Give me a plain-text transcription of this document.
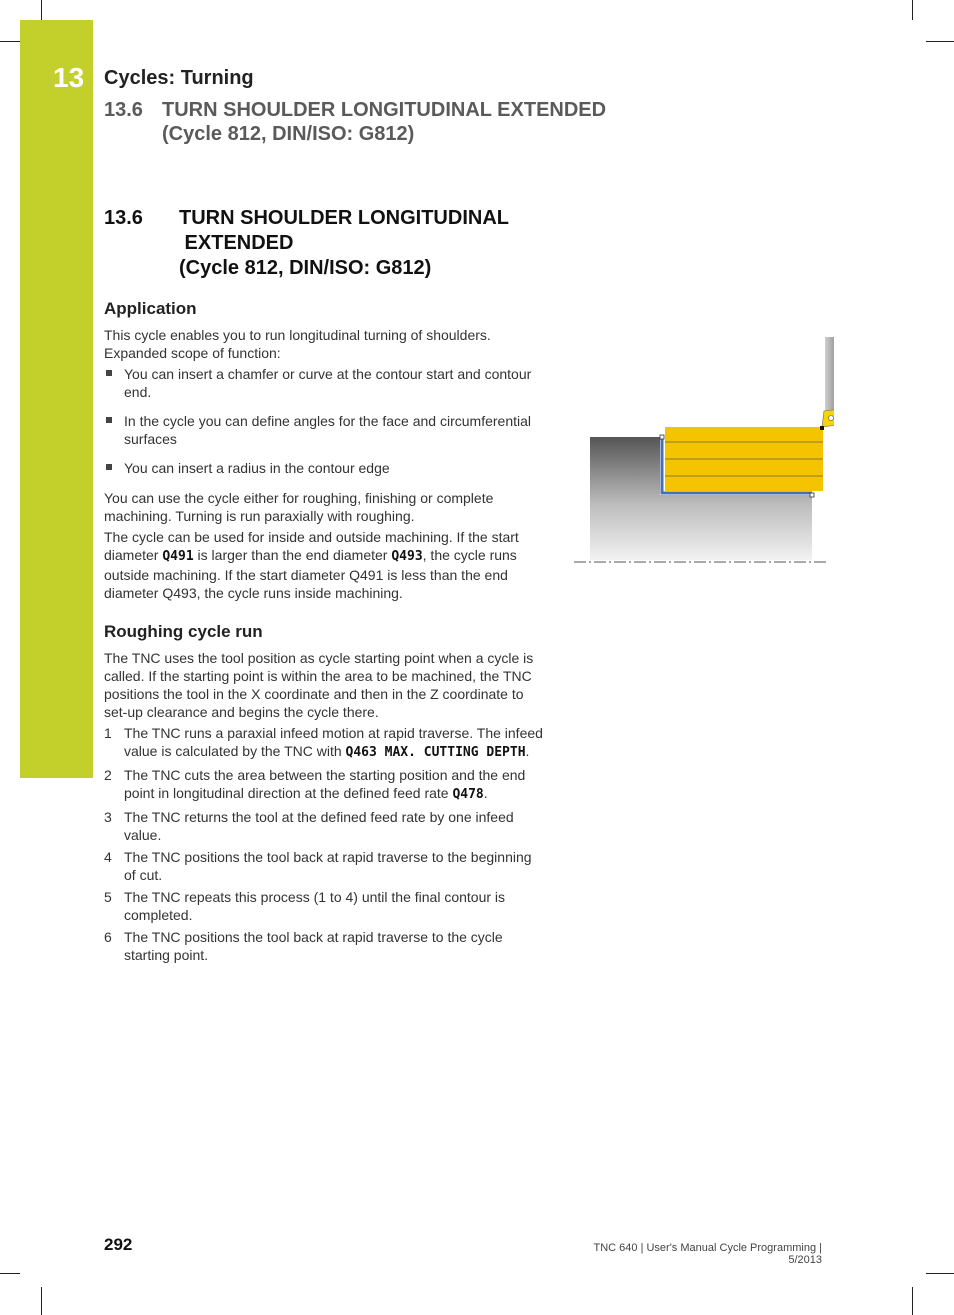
13 Cycles: Turning
13.6 TURN SHOULDER LONGITUDINAL EXTENDED
(Cycle 812, DIN/ISO: G812)
13.6 TURN SHOULDER LONGITUDINAL
EXTENDED
(Cycle 812, DIN/ISO: G812)
Application

This cycle enables you to run longitudinal turning of shoulders.
Expanded scope of function:

You can insert a chamfer or curve at the contour start and contour end.
In the cycle you can define angles for the face and circumferential surfaces
You can insert a radius in the contour edge

You can use the cycle either for roughing, finishing or complete machining. Turning is run paraxially with roughing.

The cycle can be used for inside and outside machining. If the start diameter Q491 is larger than the end diameter Q493, the cycle runs outside machining. If the start diameter Q491 is less than the end diameter Q493, the cycle runs inside machining.

Roughing cycle run

The TNC uses the tool position as cycle starting point when a cycle is called. If the starting point is within the area to be machined, the TNC positions the tool in the X coordinate and then in the Z coordinate to set-up clearance and begins the cycle there.

1 The TNC runs a paraxial infeed motion at rapid traverse. The infeed value is calculated by the TNC with Q463 MAX. CUTTING DEPTH.
2 The TNC cuts the area between the starting position and the end point in longitudinal direction at the defined feed rate Q478.
3 The TNC returns the tool at the defined feed rate by one infeed value.
4 The TNC positions the tool back at rapid traverse to the beginning of cut.
5 The TNC repeats this process (1 to 4) until the final contour is completed.
6 The TNC positions the tool back at rapid traverse to the cycle starting point.
292	TNC 640 | User's Manual Cycle Programming | 5/2013
